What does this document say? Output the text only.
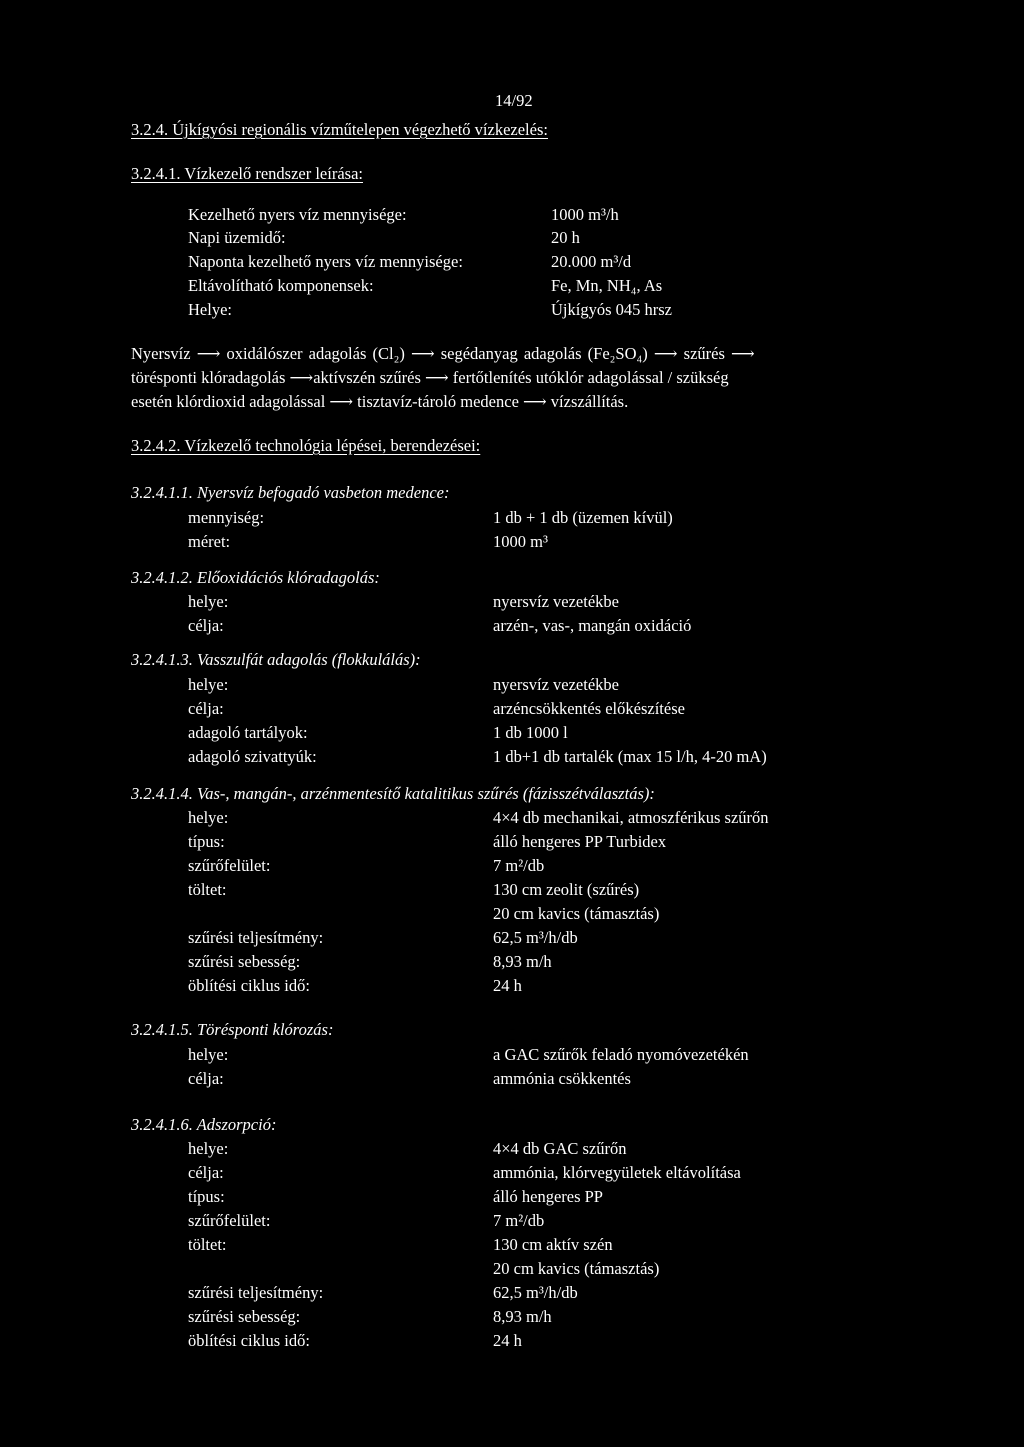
14/92
3.2.4. Újkígyósi regionális vízműtelepen végezhető vízkezelés:
3.2.4.1. Vízkezelő rendszer leírása:
Kezelhető nyers víz mennyisége:	1000 m³/h
Napi üzemidő:	20 h
Naponta kezelhető nyers víz mennyisége:	20.000 m³/d
Eltávolítható komponensek:	Fe, Mn, NH₄, As
Helye:	Újkígyós 045 hrsz
Nyersvíz ⟶ oxidálószer adagolás (Cl₂) ⟶ segédanyag adagolás (Fe₂SO₄) ⟶ szűrés ⟶
törésponti klóradagolás ⟶aktívszén szűrés ⟶ fertőtlenítés utóklór adagolással / szükség
esetén klórdioxid adagolással ⟶ tisztavíz-tároló medence ⟶ vízszállítás.
3.2.4.2. Vízkezelő technológia lépései, berendezései:
3.2.4.1.1. Nyersvíz befogadó vasbeton medence:
mennyiség:	1 db + 1 db (üzemen kívül)
méret:	1000 m³
3.2.4.1.2. Előoxidációs klóradagolás:
helye:	nyersvíz vezetékbe
célja:	arzén-, vas-, mangán oxidáció
3.2.4.1.3. Vasszulfát adagolás (flokkulálás):
helye:	nyersvíz vezetékbe
célja:	arzéncsökkentés előkészítése
adagoló tartályok:	1 db 1000 l
adagoló szivattyúk:	1 db+1 db tartalék (max 15 l/h, 4-20 mA)
3.2.4.1.4. Vas-, mangán-, arzénmentesítő katalitikus szűrés (fázisszétválasztás):
helye:	4×4 db mechanikai, atmoszférikus szűrőn
típus:	álló hengeres PP Turbidex
szűrőfelület:	7 m²/db
töltet:	130 cm zeolit (szűrés)
20 cm kavics (támasztás)
szűrési teljesítmény:	62,5 m³/h/db
szűrési sebesség:	8,93 m/h
öblítési ciklus idő:	24 h
3.2.4.1.5. Törésponti klórozás:
helye:	a GAC szűrők feladó nyomóvezetékén
célja:	ammónia csökkentés
3.2.4.1.6. Adszorpció:
helye:	4×4 db GAC szűrőn
célja:	ammónia, klórvegyületek eltávolítása
típus:	álló hengeres PP
szűrőfelület:	7 m²/db
töltet:	130 cm aktív szén
20 cm kavics (támasztás)
szűrési teljesítmény:	62,5 m³/h/db
szűrési sebesség:	8,93 m/h
öblítési ciklus idő:	24 h
